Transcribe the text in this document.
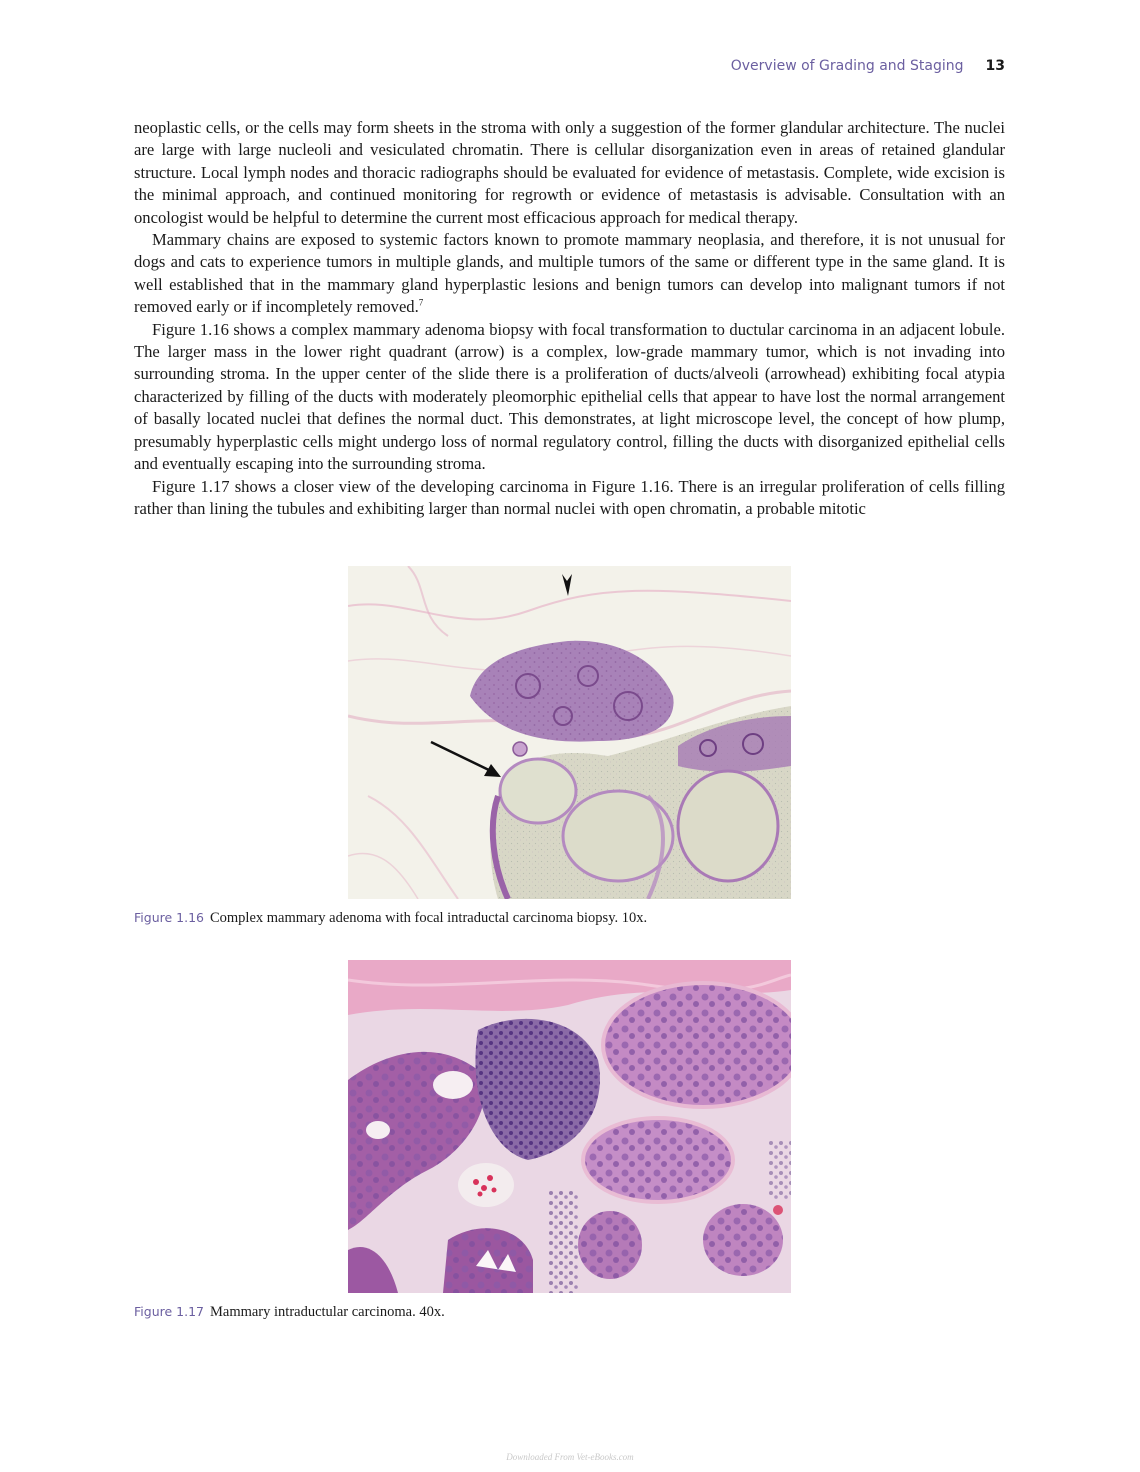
Overview of Grading and Staging 13

neoplastic cells, or the cells may form sheets in the stroma with only a suggestion of the former glandular architecture. The nuclei are large with large nucleoli and vesiculated chromatin. There is cellular disorganization even in areas of retained glandular structure. Local lymph nodes and thoracic radiographs should be evaluated for evidence of metastasis. Complete, wide excision is the minimal approach, and continued monitoring for regrowth or evidence of metastasis is advisable. Consultation with an oncologist would be helpful to determine the current most efficacious approach for medical therapy.

Mammary chains are exposed to systemic factors known to promote mammary neoplasia, and therefore, it is not unusual for dogs and cats to experience tumors in multiple glands, and multiple tumors of the same or different type in the same gland. It is well established that in the mammary gland hyperplastic lesions and benign tumors can develop into malignant tumors if not removed early or if incompletely removed.$^7$

Figure 1.16 shows a complex mammary adenoma biopsy with focal transformation to ductular carcinoma in an adjacent lobule. The larger mass in the lower right quadrant (arrow) is a complex, low-grade mammary tumor, which is not invading into surrounding stroma. In the upper center of the slide there is a proliferation of ducts/alveoli (arrowhead) exhibiting focal atypia characterized by filling of the ducts with moderately pleomorphic epithelial cells that appear to have lost the normal arrangement of basally located nuclei that defines the normal duct. This demonstrates, at light microscope level, the concept of how plump, presumably hyperplastic cells might undergo loss of normal regulatory control, filling the ducts with disorganized epithelial cells and eventually escaping into the surrounding stroma.

Figure 1.17 shows a closer view of the developing carcinoma in Figure 1.16. There is an irregular proliferation of cells filling rather than lining the tubules and exhibiting larger than normal nuclei with open chromatin, a probable mitotic

Figure 1.16 Complex mammary adenoma with focal intraductal carcinoma biopsy. 10x.
Figure 1.17 Mammary intraductular carcinoma. 40x.
Downloaded From Vet-eBooks.com
